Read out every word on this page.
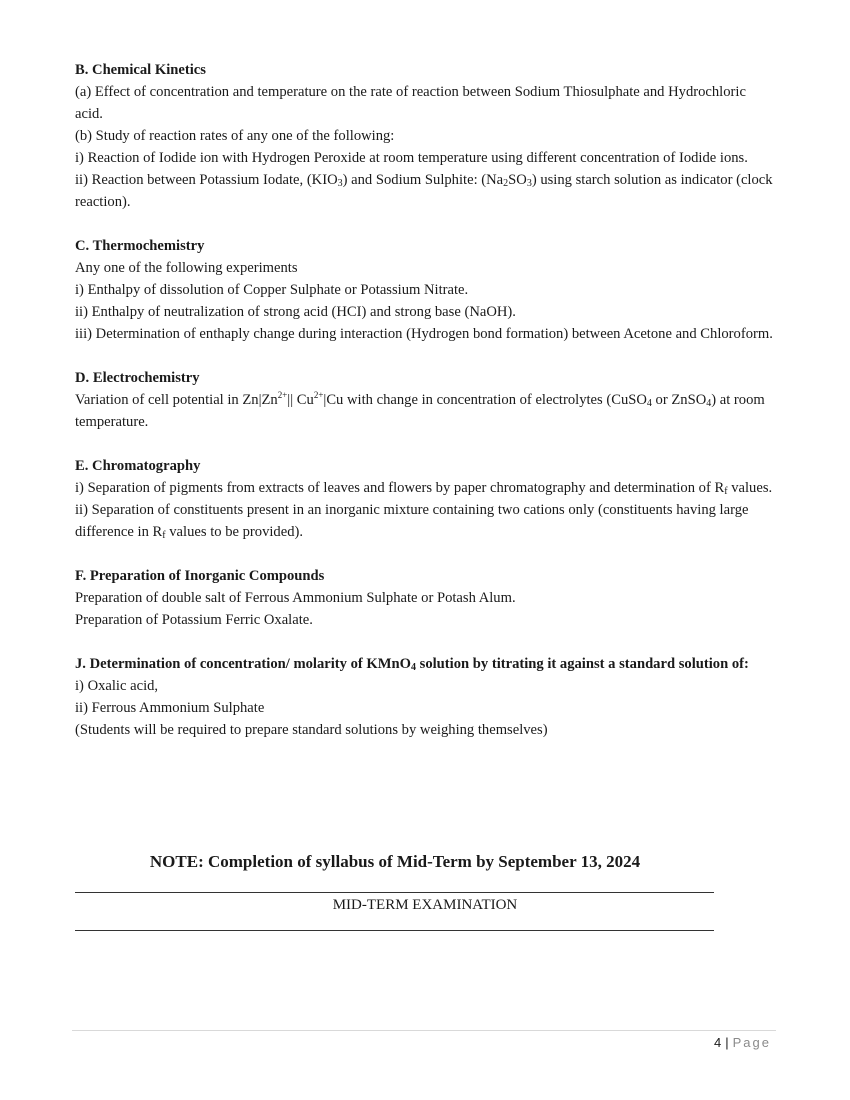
B. Chemical Kinetics
(a) Effect of concentration and temperature on the rate of reaction between Sodium Thiosulphate and Hydrochloric acid.
(b) Study of reaction rates of any one of the following:
i) Reaction of Iodide ion with Hydrogen Peroxide at room temperature using different concentration of Iodide ions.
ii) Reaction between Potassium Iodate, $(KIO_3)$ and Sodium Sulphite: $(Na_2SO_3)$ using starch solution as indicator (clock reaction).
C. Thermochemistry
Any one of the following experiments
i) Enthalpy of dissolution of Copper Sulphate or Potassium Nitrate.
ii) Enthalpy of neutralization of strong acid (HCI) and strong base (NaOH).
iii) Determination of enthaply change during interaction (Hydrogen bond formation) between Acetone and Chloroform.
D. Electrochemistry
Variation of cell potential in $Zn|Zn^{2+}||$ $Cu^{2+}|Cu$ with change in concentration of electrolytes (CuSO$_4$ or ZnSO$_4$) at room temperature.
E. Chromatography
i) Separation of pigments from extracts of leaves and flowers by paper chromatography and determination of $R_f$ values.
ii) Separation of constituents present in an inorganic mixture containing two cations only (constituents having large difference in $R_f$ values to be provided).
F. Preparation of Inorganic Compounds
Preparation of double salt of Ferrous Ammonium Sulphate or Potash Alum.
Preparation of Potassium Ferric Oxalate.
J. Determination of concentration/ molarity of KMnO$_4$ solution by titrating it against a standard solution of:
i) Oxalic acid,
ii) Ferrous Ammonium Sulphate
(Students will be required to prepare standard solutions by weighing themselves)
NOTE: Completion of syllabus of Mid-Term by September 13, 2024
MID-TERM EXAMINATION
4 | Page
